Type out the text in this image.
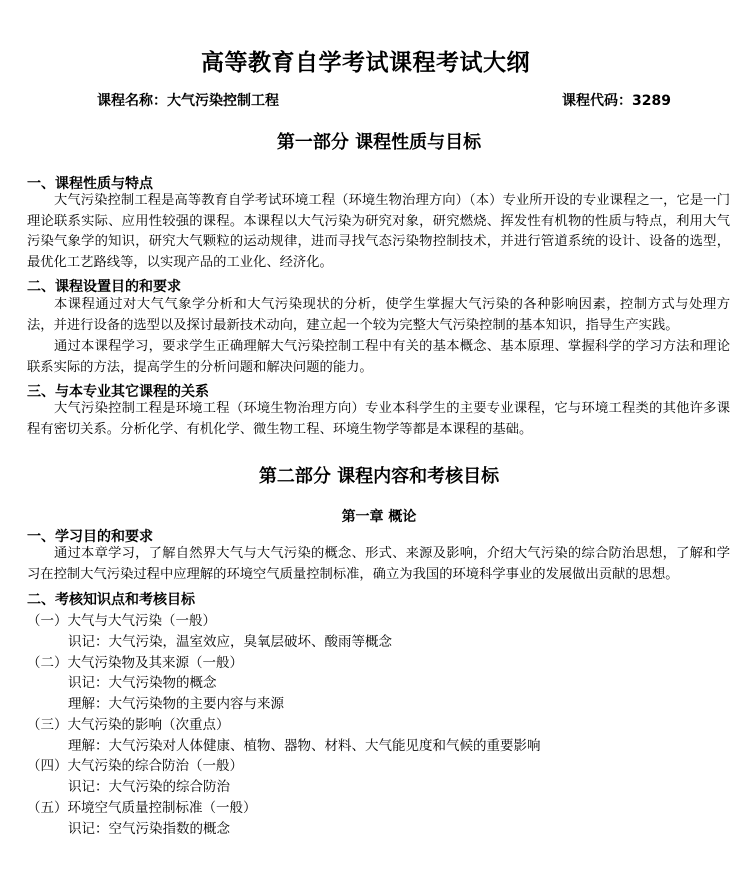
高等教育自学考试课程考试大纲
课程名称：大气污染控制工程	课程代码：3289
第一部分 课程性质与目标
一、课程性质与特点
大气污染控制工程是高等教育自学考试环境工程（环境生物治理方向）（本）专业所开设的专业课程之一，它是一门理论联系实际、应用性较强的课程。本课程以大气污染为研究对象，研究燃烧、挥发性有机物的性质与特点，利用大气污染气象学的知识，研究大气颗粒的运动规律，进而寻找气态污染物控制技术，并进行管道系统的设计、设备的选型，最优化工艺路线等，以实现产品的工业化、经济化。
二、课程设置目的和要求
本课程通过对大气气象学分析和大气污染现状的分析，使学生掌握大气污染的各种影响因素，控制方式与处理方法，并进行设备的选型以及探讨最新技术动向，建立起一个较为完整大气污染控制的基本知识，指导生产实践。
通过本课程学习，要求学生正确理解大气污染控制工程中有关的基本概念、基本原理、掌握科学的学习方法和理论联系实际的方法，提高学生的分析问题和解决问题的能力。
三、与本专业其它课程的关系
大气污染控制工程是环境工程（环境生物治理方向）专业本科学生的主要专业课程，它与环境工程类的其他许多课程有密切关系。分析化学、有机化学、微生物工程、环境生物学等都是本课程的基础。
第二部分 课程内容和考核目标
第一章 概论
一、学习目的和要求
通过本章学习，了解自然界大气与大气污染的概念、形式、来源及影响，介绍大气污染的综合防治思想，了解和学习在控制大气污染过程中应理解的环境空气质量控制标准，确立为我国的环境科学事业的发展做出贡献的思想。
二、考核知识点和考核目标
（一）大气与大气污染（一般）
识记：大气污染，温室效应，臭氧层破坏、酸雨等概念
（二）大气污染物及其来源（一般）
识记：大气污染物的概念
理解：大气污染物的主要内容与来源
（三）大气污染的影响（次重点）
理解：大气污染对人体健康、植物、器物、材料、大气能见度和气候的重要影响
（四）大气污染的综合防治（一般）
识记：大气污染的综合防治
（五）环境空气质量控制标准（一般）
识记：空气污染指数的概念
